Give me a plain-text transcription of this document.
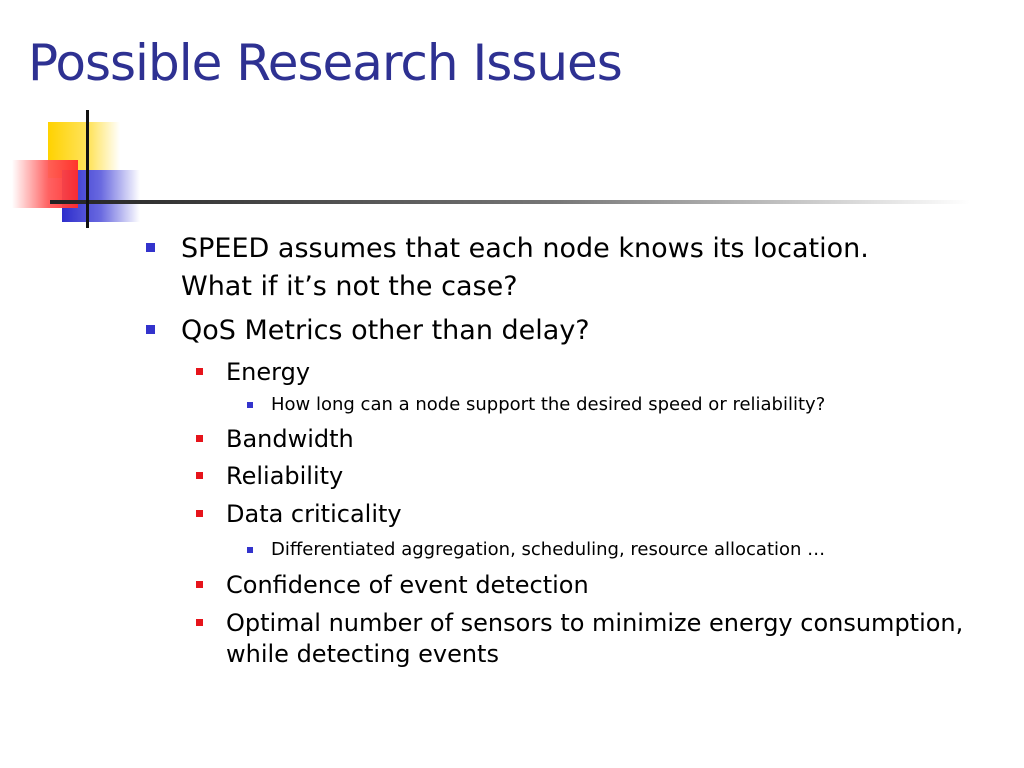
Possible Research Issues
SPEED assumes that each node knows its location.
What if it’s not the case?
QoS Metrics other than delay?
Energy
How long can a node support the desired speed or reliability?
Bandwidth
Reliability
Data criticality
Differentiated aggregation, scheduling, resource allocation …
Confidence of event detection
Optimal number of sensors to minimize energy consumption,
while detecting events
